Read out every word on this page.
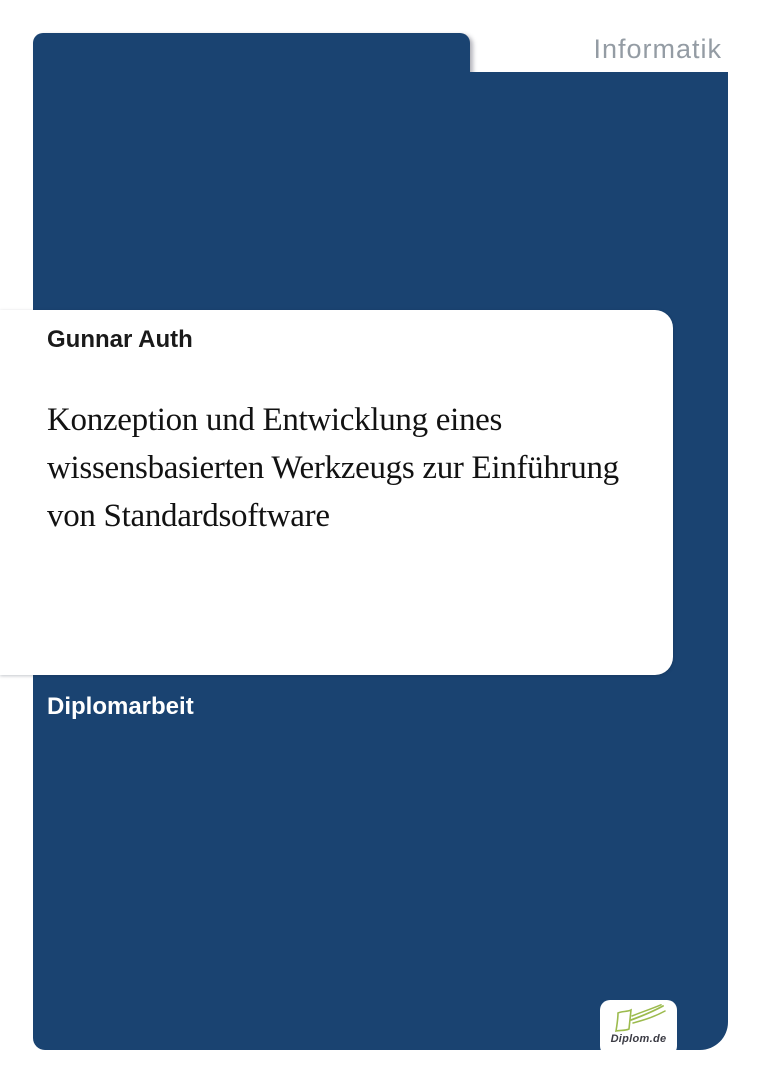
Informatik
Gunnar Auth
Konzeption und Entwicklung eines
wissensbasierten Werkzeugs zur Einführung
von Standardsoftware
Diplomarbeit
Diplom.de
